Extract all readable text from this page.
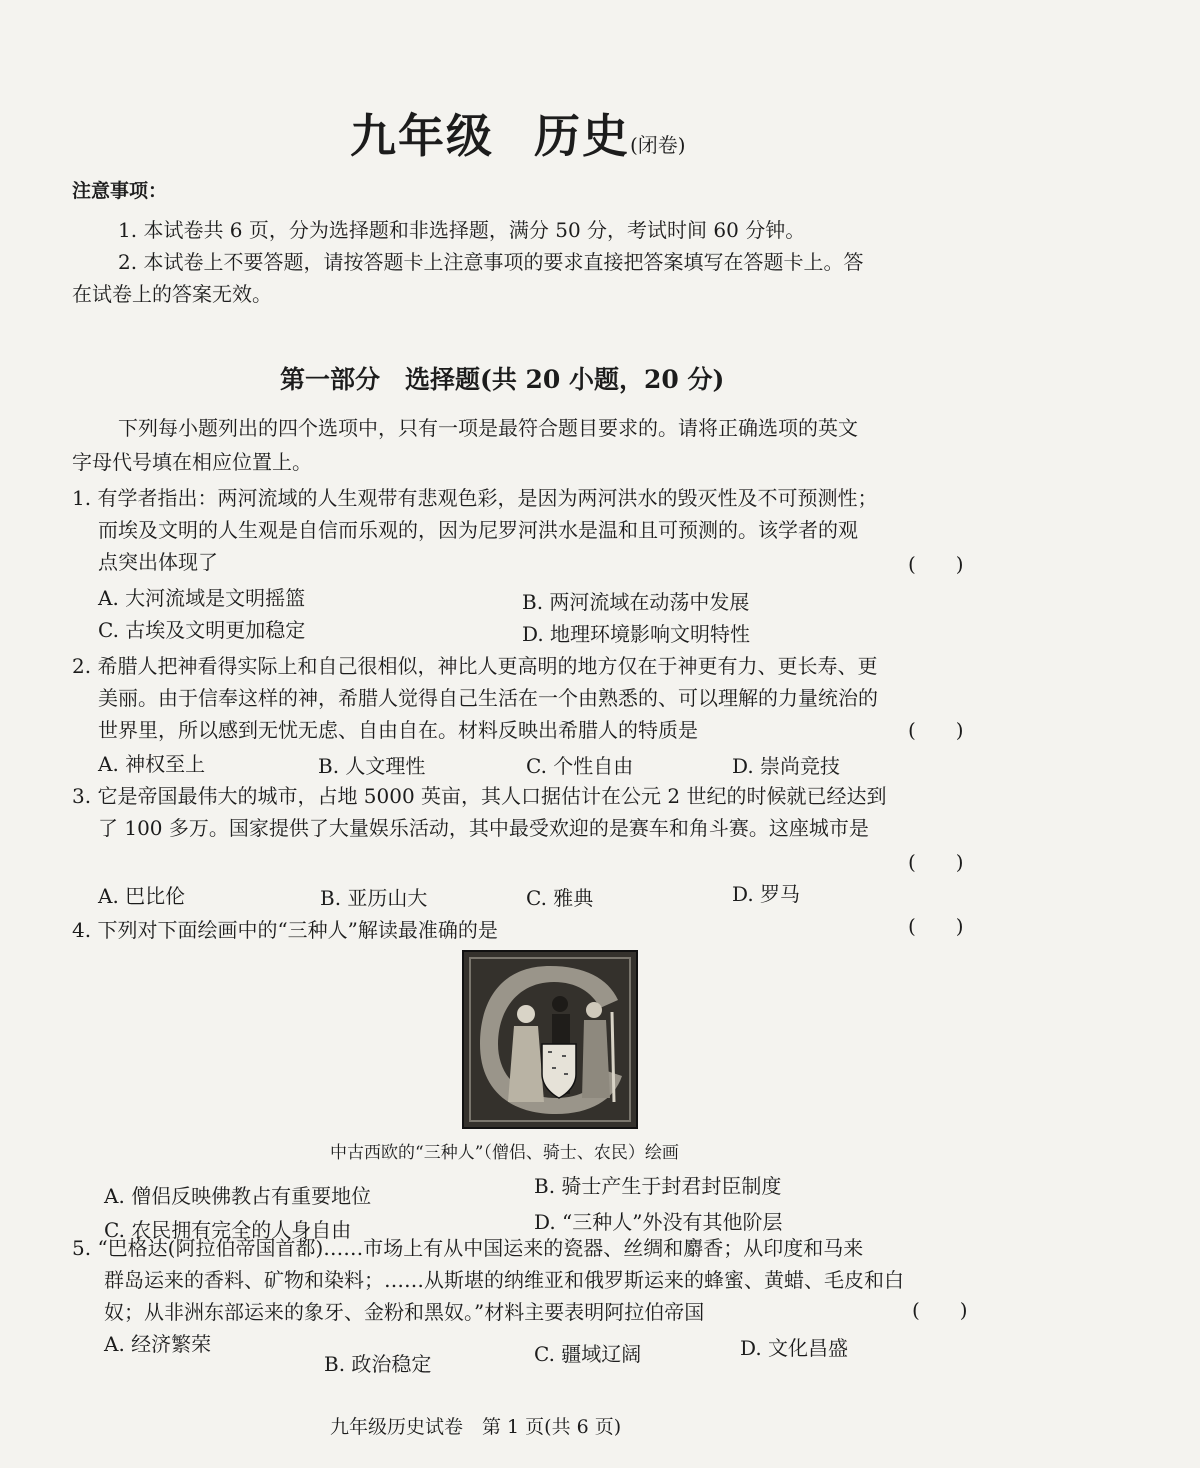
九年级 历史(闭卷)
注意事项：
1. 本试卷共 6 页，分为选择题和非选择题，满分 50 分，考试时间 60 分钟。
2. 本试卷上不要答题，请按答题卡上注意事项的要求直接把答案填写在答题卡上。答
在试卷上的答案无效。
第一部分　选择题(共 20 小题，20 分)
下列每小题列出的四个选项中，只有一项是最符合题目要求的。请将正确选项的英文
字母代号填在相应位置上。
1. 有学者指出：两河流域的人生观带有悲观色彩，是因为两河洪水的毁灭性及不可预测性；
而埃及文明的人生观是自信而乐观的，因为尼罗河洪水是温和且可预测的。该学者的观
点突出体现了	(　　)
A. 大河流域是文明摇篮	B. 两河流域在动荡中发展
C. 古埃及文明更加稳定	D. 地理环境影响文明特性
2. 希腊人把神看得实际上和自己很相似，神比人更高明的地方仅在于神更有力、更长寿、更
美丽。由于信奉这样的神，希腊人觉得自己生活在一个由熟悉的、可以理解的力量统治的
世界里，所以感到无忧无虑、自由自在。材料反映出希腊人的特质是	(　　)
A. 神权至上	B. 人文理性	C. 个性自由	D. 崇尚竞技
3. 它是帝国最伟大的城市，占地 5000 英亩，其人口据估计在公元 2 世纪的时候就已经达到
了 100 多万。国家提供了大量娱乐活动，其中最受欢迎的是赛车和角斗赛。这座城市是
(　　)
A. 巴比伦	B. 亚历山大	C. 雅典	D. 罗马
4. 下列对下面绘画中的“三种人”解读最准确的是	(　　)
中古西欧的“三种人”（僧侣、骑士、农民）绘画
A. 僧侣反映佛教占有重要地位	B. 骑士产生于封君封臣制度
C. 农民拥有完全的人身自由	D. “三种人”外没有其他阶层
5. “巴格达(阿拉伯帝国首都)……市场上有从中国运来的瓷器、丝绸和麝香；从印度和马来
群岛运来的香料、矿物和染料；……从斯堪的纳维亚和俄罗斯运来的蜂蜜、黄蜡、毛皮和白
奴；从非洲东部运来的象牙、金粉和黑奴。”材料主要表明阿拉伯帝国	(　　)
A. 经济繁荣
B. 政治稳定	C. 疆域辽阔	D. 文化昌盛
九年级历史试卷　第 1 页(共 6 页)
